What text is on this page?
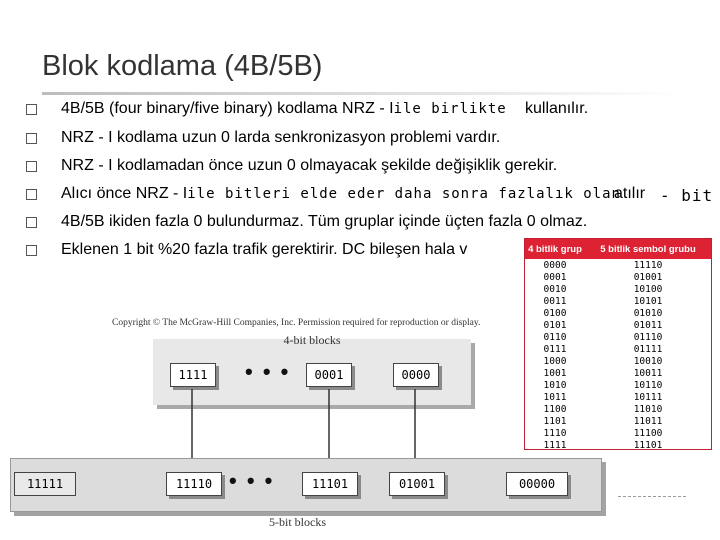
Blok kodlama (4B/5B)
4B/5B (four binary/five binary) kodlama NRZ - I ile birlikte kullanılır.
NRZ - I kodlama uzun 0 larda senkronizasyon problemi vardır.
NRZ - I kodlamadan önce uzun 0 olmayacak şekilde değişiklik gerekir.
Alıcı önce NRZ - I ile bitleri elde eder daha sonra fazlalık olan
atılır - bit
4B/5B ikiden fazla 0 bulundurmaz. Tüm gruplar içinde üçten fazla 0 olmaz.
Eklenen 1 bit %20 fazla trafik gerektirir. DC bileşen hala v
Copyright © The McGraw-Hill Companies, Inc. Permission required for reproduction or display.
4-bit blocks
1111	• • •	0001	0000
11111	11110 • • •	11101	01001	00000
5-bit blocks
4 bitlik grup	5 bitlik sembol grubu
0000	11110
0001	01001
0010	10100
0011	10101
0100	01010
0101	01011
0110	01110
0111	01111
1000	10010
1001	10011
1010	10110
1011	10111
1100	11010
1101	11011
1110	11100
1111	11101
